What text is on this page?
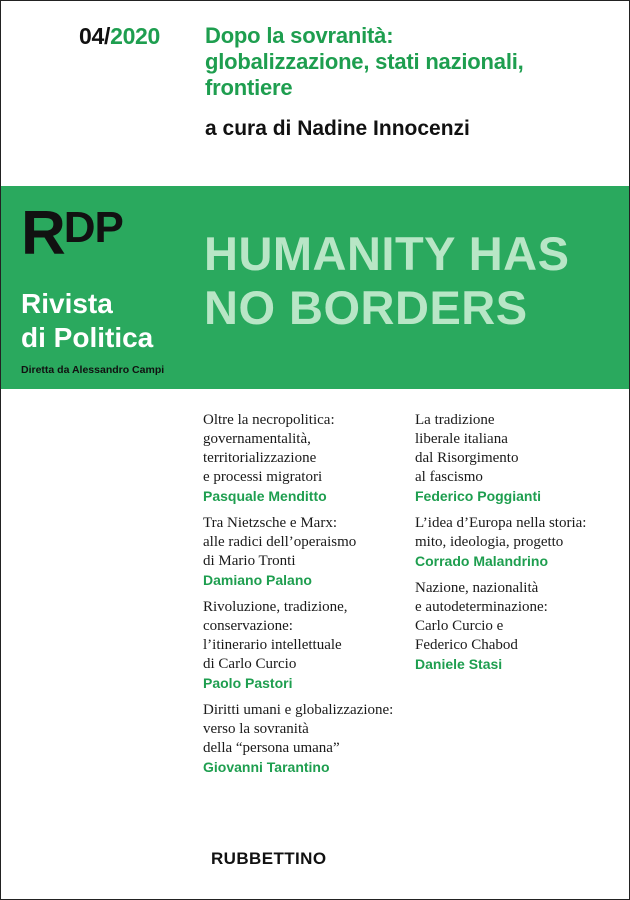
04/2020 Dopo la sovranità:
globalizzazione, stati nazionali,
frontiere
a cura di Nadine Innocenzi
$R^{DP}$
Rivista
di Politica
Diretta da Alessandro Campi
HUMANITY HAS
NO BORDERS
Oltre la necropolitica:
governamentalità,
territorializzazione
e processi migratori
Pasquale Menditto
Tra Nietzsche e Marx:
alle radici dell’operaismo
di Mario Tronti
Damiano Palano
Rivoluzione, tradizione,
conservazione:
l’itinerario intellettuale
di Carlo Curcio
Paolo Pastori
Diritti umani e globalizzazione:
verso la sovranità
della “persona umana”
Giovanni Tarantino
La tradizione
liberale italiana
dal Risorgimento
al fascismo
Federico Poggianti
L’idea d’Europa nella storia:
mito, ideologia, progetto
Corrado Malandrino
Nazione, nazionalità
e autodeterminazione:
Carlo Curcio e
Federico Chabod
Daniele Stasi
RUBBETTINO
